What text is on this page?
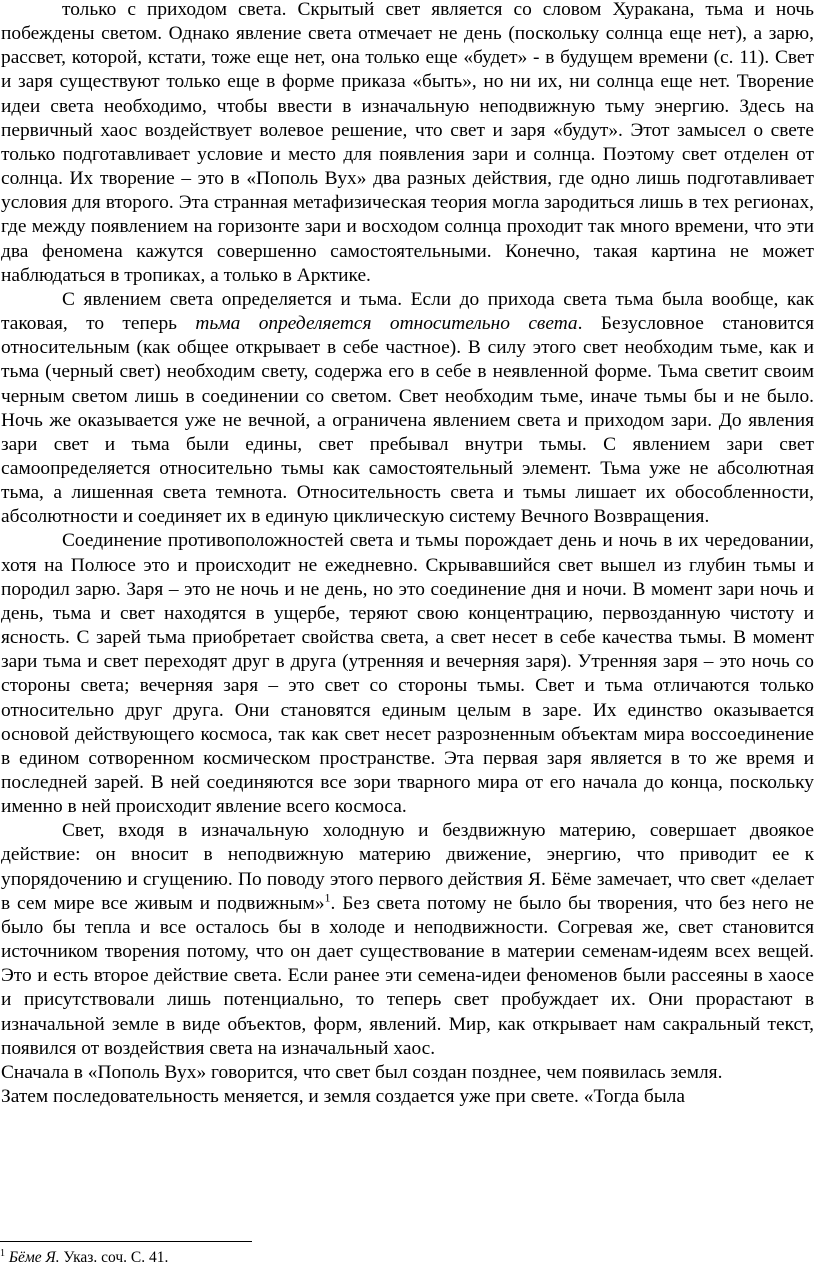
только с приходом света. Скрытый свет является со словом Хуракана, тьма и ночь побеждены светом. Однако явление света отмечает не день (поскольку солнца еще нет), а зарю, рассвет, которой, кстати, тоже еще нет, она только еще «будет» - в будущем времени (с. 11). Свет и заря существуют только еще в форме приказа «быть», но ни их, ни солнца еще нет. Творение идеи света необходимо, чтобы ввести в изначальную неподвижную тьму энергию. Здесь на первичный хаос воздействует волевое решение, что свет и заря «будут». Этот замысел о свете только подготавливает условие и место для появления зари и солнца. Поэтому свет отделен от солнца. Их творение – это в «Пополь Вух» два разных действия, где одно лишь подготавливает условия для второго. Эта странная метафизическая теория могла зародиться лишь в тех регионах, где между появлением на горизонте зари и восходом солнца проходит так много времени, что эти два феномена кажутся совершенно самостоятельными. Конечно, такая картина не может наблюдаться в тропиках, а только в Арктике.

С явлением света определяется и тьма. Если до прихода света тьма была вообще, как таковая, то теперь тьма определяется относительно света. Безусловное становится относительным (как общее открывает в себе частное). В силу этого свет необходим тьме, как и тьма (черный свет) необходим свету, содержа его в себе в неявленной форме. Тьма светит своим черным светом лишь в соединении со светом. Свет необходим тьме, иначе тьмы бы и не было. Ночь же оказывается уже не вечной, а ограничена явлением света и приходом зари. До явления зари свет и тьма были едины, свет пребывал внутри тьмы. С явлением зари свет самоопределяется относительно тьмы как самостоятельный элемент. Тьма уже не абсолютная тьма, а лишенная света темнота. Относительность света и тьмы лишает их обособленности, абсолютности и соединяет их в единую циклическую систему Вечного Возвращения.

Соединение противоположностей света и тьмы порождает день и ночь в их чередовании, хотя на Полюсе это и происходит не ежедневно. Скрывавшийся свет вышел из глубин тьмы и породил зарю. Заря – это не ночь и не день, но это соединение дня и ночи. В момент зари ночь и день, тьма и свет находятся в ущербе, теряют свою концентрацию, первозданную чистоту и ясность. С зарей тьма приобретает свойства света, а свет несет в себе качества тьмы. В момент зари тьма и свет переходят друг в друга (утренняя и вечерняя заря). Утренняя заря – это ночь со стороны света; вечерняя заря – это свет со стороны тьмы. Свет и тьма отличаются только относительно друг друга. Они становятся единым целым в заре. Их единство оказывается основой действующего космоса, так как свет несет разрозненным объектам мира воссоединение в едином сотворенном космическом пространстве. Эта первая заря является в то же время и последней зарей. В ней соединяются все зори тварного мира от его начала до конца, поскольку именно в ней происходит явление всего космоса.

Свет, входя в изначальную холодную и бездвижную материю, совершает двоякое действие: он вносит в неподвижную материю движение, энергию, что приводит ее к упорядочению и сгущению. По поводу этого первого действия Я. Бёме замечает, что свет «делает в сем мире все живым и подвижным»$^1$. Без света потому не было бы творения, что без него не было бы тепла и все осталось бы в холоде и неподвижности. Согревая же, свет становится источником творения потому, что он дает существование в материи семенам-идеям всех вещей. Это и есть второе действие света. Если ранее эти семена-идеи феноменов были рассеяны в хаосе и присутствовали лишь потенциально, то теперь свет пробуждает их. Они прорастают в изначальной земле в виде объектов, форм, явлений. Мир, как открывает нам сакральный текст, появился от воздействия света на изначальный хаос.

Сначала в «Пополь Вух» говорится, что свет был создан позднее, чем появилась земля.

Затем последовательность меняется, и земля создается уже при свете. «Тогда была

$^1$ Бёме Я. Указ. соч. С. 41.
